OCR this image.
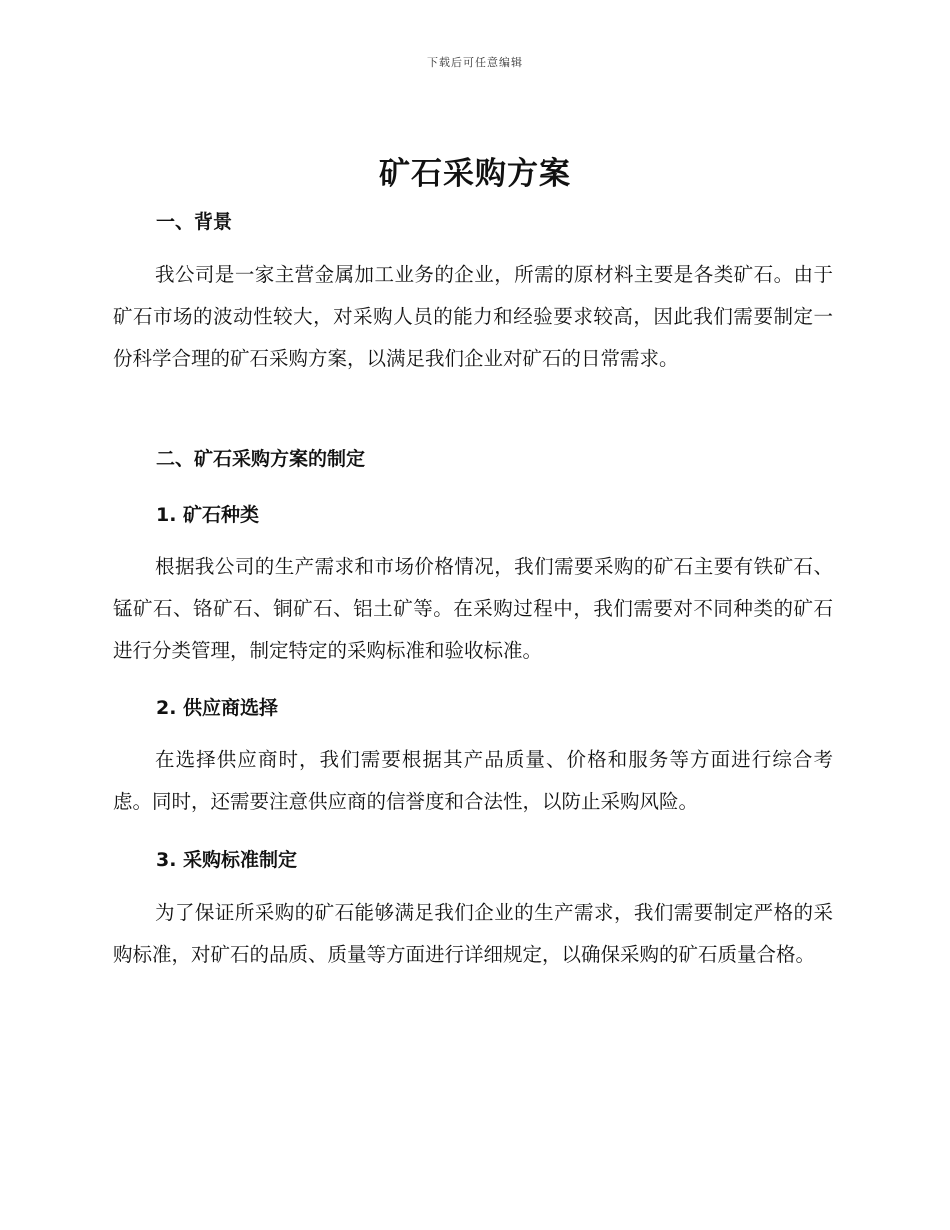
下载后可任意编辑
矿石采购方案
一、背景

我公司是一家主营金属加工业务的企业，所需的原材料主要是各类矿石。由于矿石市场的波动性较大，对采购人员的能力和经验要求较高，因此我们需要制定一份科学合理的矿石采购方案，以满足我们企业对矿石的日常需求。

二、矿石采购方案的制定
1. 矿石种类

根据我公司的生产需求和市场价格情况，我们需要采购的矿石主要有铁矿石、锰矿石、铬矿石、铜矿石、铝土矿等。在采购过程中，我们需要对不同种类的矿石进行分类管理，制定特定的采购标准和验收标准。

2. 供应商选择

在选择供应商时，我们需要根据其产品质量、价格和服务等方面进行综合考虑。同时，还需要注意供应商的信誉度和合法性，以防止采购风险。

3. 采购标准制定

为了保证所采购的矿石能够满足我们企业的生产需求，我们需要制定严格的采购标准，对矿石的品质、质量等方面进行详细规定，以确保采购的矿石质量合格。
